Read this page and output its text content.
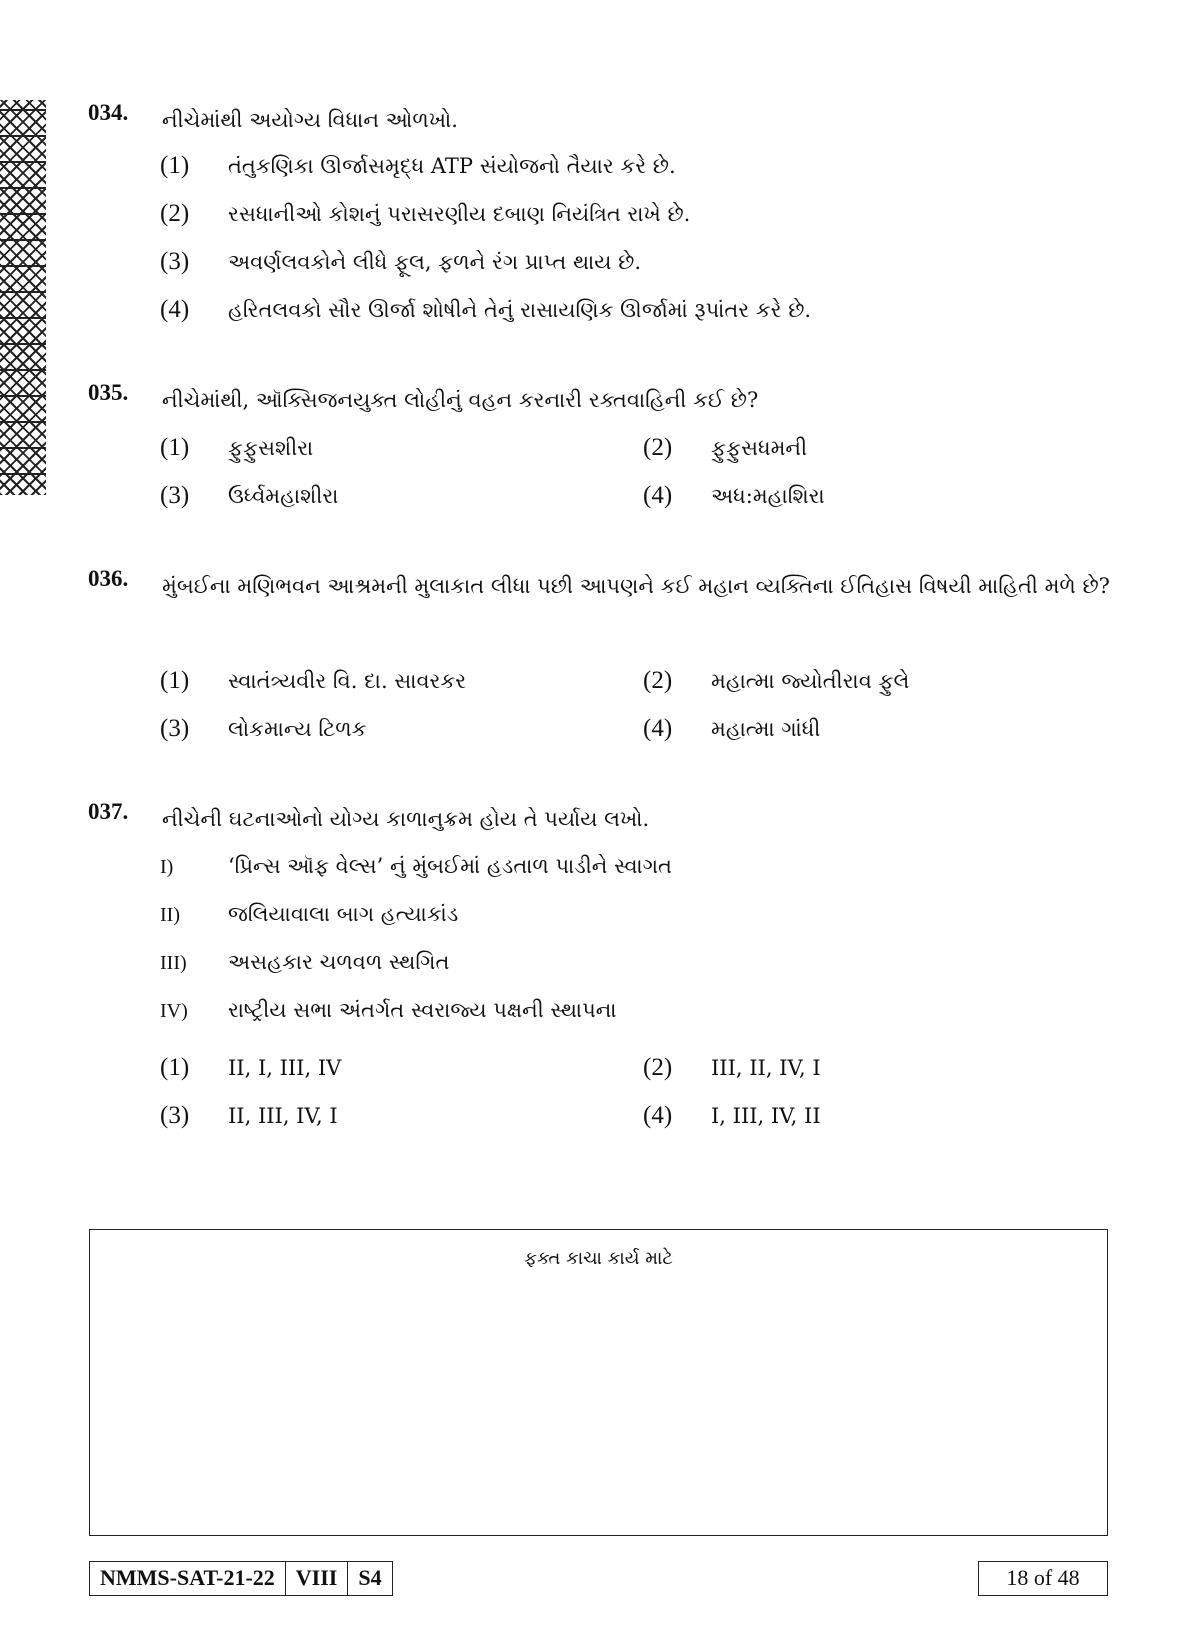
034. નીચેમાંથી અયોગ્ય વિધાન ઓળખો.
(1) તંતુકણિકા ઊર્જાસમૃદ્ધ ATP સંયોજનો તૈયાર કરે છે.
(2) રસધાનીઓ કોશનું પરાસરણીય દબાણ નિયંત્રિત રાખે છે.
(3) અવર્ણલવકોને લીધે ફૂલ, ફળને રંગ પ્રાપ્ત થાય છે.
(4) હરિતલવકો સૌર ઊર્જા શોષીને તેનું રાસાયણિક ઊર્જામાં રૂપાંતર કરે છે.
035. નીચેમાંથી, ઑક્સિજનયુક્ત લોહીનું વહન કરનારી રક્તવાહિની કઈ છે?
(1) ફુફુસશીરા	(2) ફુફુસધમની
(3) ઉર્ધ્વમહાશીરા	(4) અધ:મહાશિરા
036. મુંબઈના મણિભવન આશ્રમની મુલાકાત લીધા પછી આપણને કઈ મહાન વ્યક્તિના ઈતિહાસ વિષયી માહિતી મળે છે?
(1) સ્વાતંત્ર્યવીર વિ. દા. સાવરકર	(2) મહાત્મા જ્યોતીરાવ ફુલે
(3) લોકમાન્ય ટિળક	(4) મહાત્મા ગાંધી
037. નીચેની ઘટનાઓનો યોગ્ય કાળાનુક્રમ હોય તે પર્યાય લખો.
I)	‘પ્રિન્સ ઑફ વેલ્સ’ નું મુંબઈમાં હડતાળ પાડીને સ્વાગત
II) જલિયાવાલા બાગ હત્યાકાંડ
III) અસહકાર ચળવળ સ્થગિત
IV) રાષ્ટ્રીય સભા અંતર્ગત સ્વરાજ્ય પક્ષની સ્થાપના
(1) II, I, III, IV	(2) III, II, IV, I
(3) II, III, IV, I	(4) I, III, IV, II
ફક્ત કાચા કાર્ય માટે
NMMS-SAT-21-22 VIII S4	18 of 48
